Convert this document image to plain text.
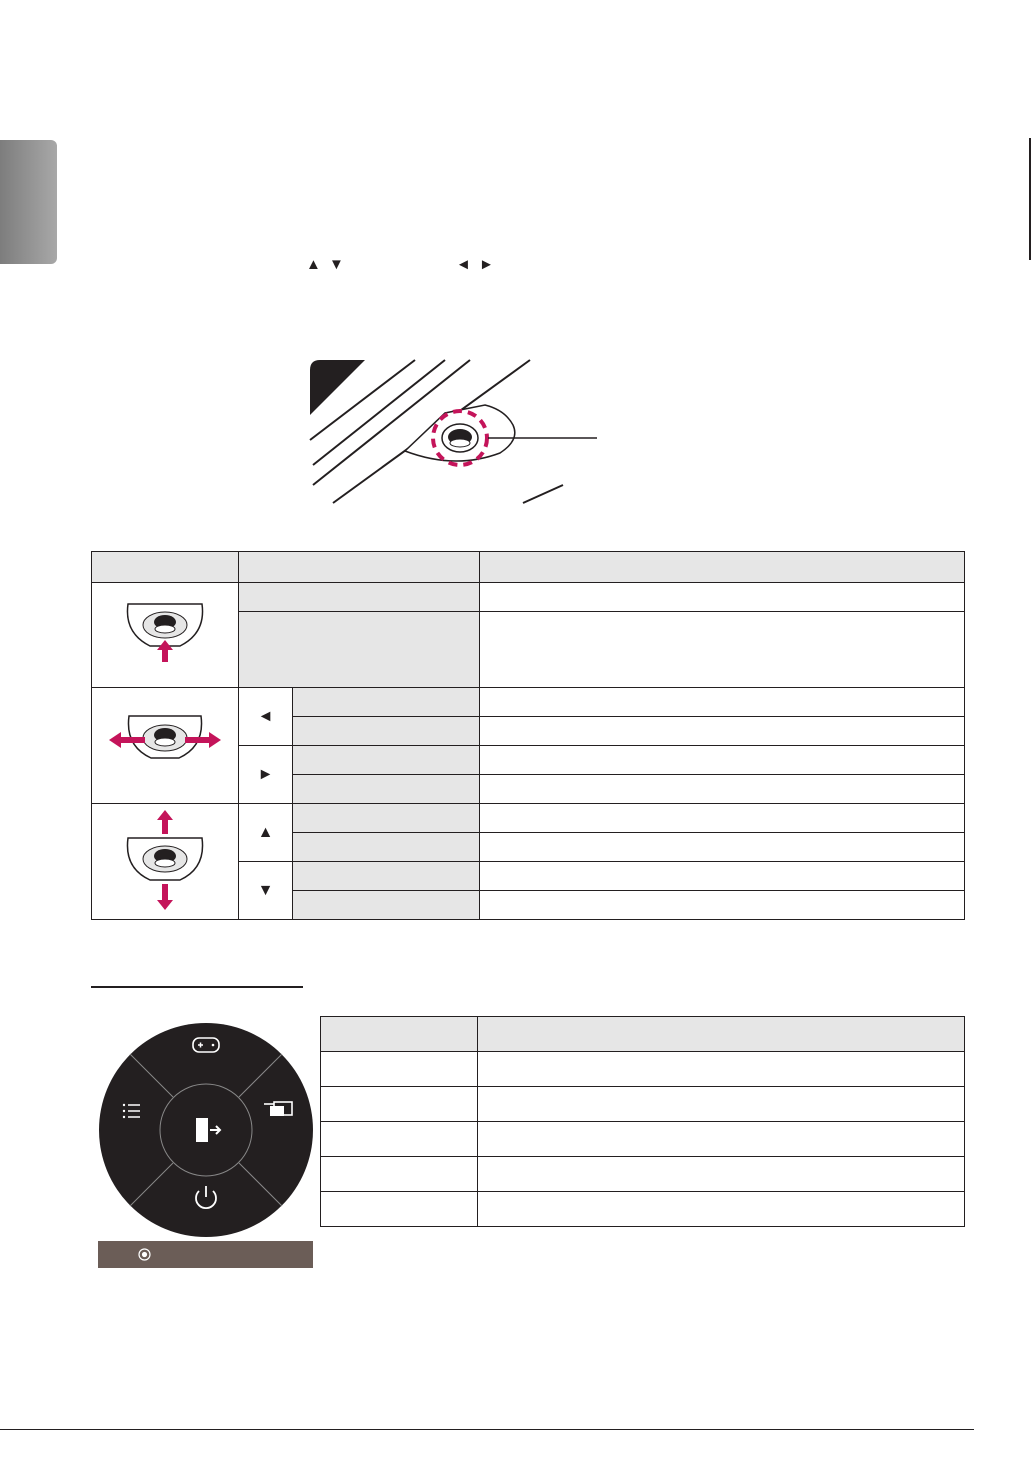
▲ ▼	◄ ►

	◄		

	►		

	▲		

	▼		
